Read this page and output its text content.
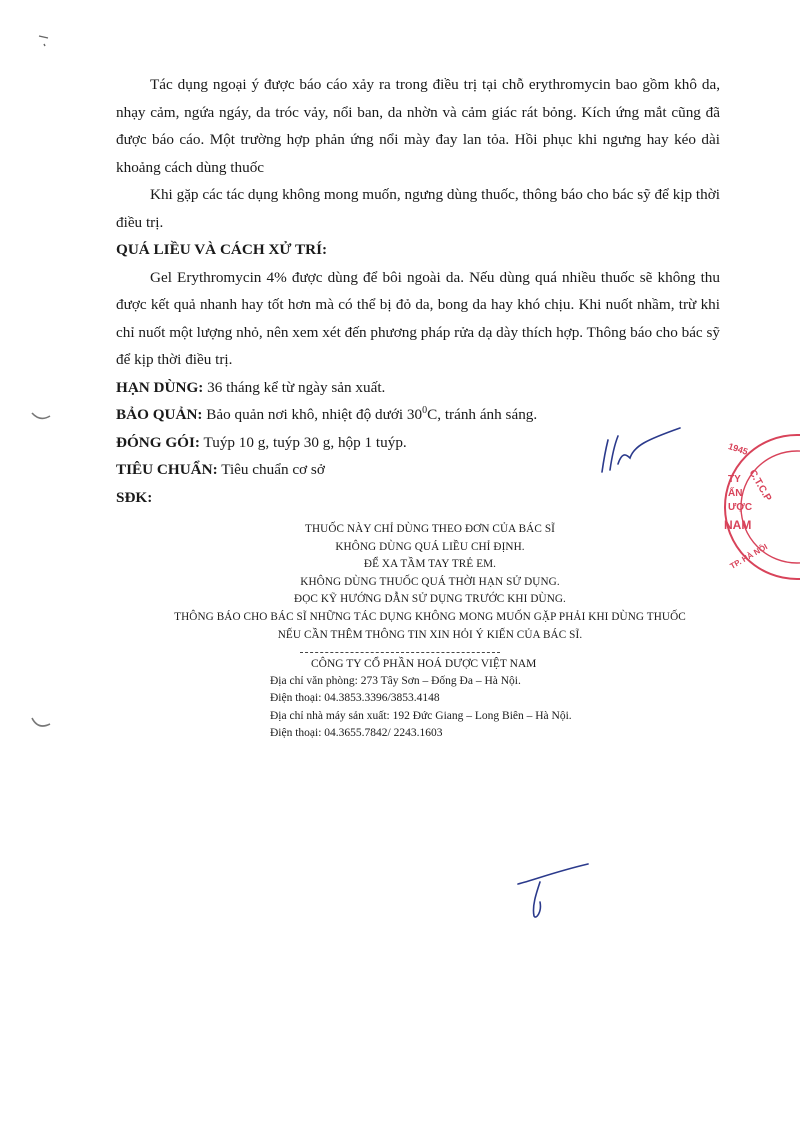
Tác dụng ngoại ý được báo cáo xảy ra trong điều trị tại chỗ erythromycin bao gồm khô da, nhạy cảm, ngứa ngáy, da tróc vảy, nổi ban, da nhờn và cảm giác rát bỏng. Kích ứng mắt cũng đã được báo cáo. Một trường hợp phản ứng nổi mày đay lan tỏa. Hồi phục khi ngưng hay kéo dài khoảng cách dùng thuốc

Khi gặp các tác dụng không mong muốn, ngưng dùng thuốc, thông báo cho bác sỹ để kịp thời điều trị.

QUÁ LIỀU VÀ CÁCH XỬ TRÍ:

Gel Erythromycin 4% được dùng để bôi ngoài da. Nếu dùng quá nhiều thuốc sẽ không thu được kết quả nhanh hay tốt hơn mà có thể bị đỏ da, bong da hay khó chịu. Khi nuốt nhầm, trừ khi chỉ nuốt một lượng nhỏ, nên xem xét đến phương pháp rửa dạ dày thích hợp. Thông báo cho bác sỹ để kịp thời điều trị.

HẠN DÙNG: 36 tháng kể từ ngày sản xuất.

BẢO QUẢN: Bảo quản nơi khô, nhiệt độ dưới $30^0C$, tránh ánh sáng.

ĐÓNG GÓI: Tuýp 10 g, tuýp 30 g, hộp 1 tuýp.

TIÊU CHUẨN: Tiêu chuẩn cơ sở

SĐK:

1945
C.T.C.P
TY
ẤN
ƯỢC
NAM
TP. HÀ NỘI
THUỐC NÀY CHỈ DÙNG THEO ĐƠN CỦA BÁC SĨ
KHÔNG DÙNG QUÁ LIỀU CHỈ ĐỊNH.
ĐỂ XA TẦM TAY TRẺ EM.
KHÔNG DÙNG THUỐC QUÁ THỜI HẠN SỬ DỤNG.
ĐỌC KỸ HƯỚNG DẪN SỬ DỤNG TRƯỚC KHI DÙNG.
THÔNG BÁO CHO BÁC SĨ NHỮNG TÁC DỤNG KHÔNG MONG MUỐN GẶP PHẢI KHI DÙNG THUỐC
NẾU CẦN THÊM THÔNG TIN XIN HỎI Ý KIẾN CỦA BÁC SĨ.
CÔNG TY CỔ PHẦN HOÁ DƯỢC VIỆT NAM
Địa chỉ văn phòng: 273 Tây Sơn – Đống Đa – Hà Nội.
Điện thoại: 04.3853.3396/3853.4148
Địa chỉ nhà máy sản xuất: 192 Đức Giang – Long Biên – Hà Nội.
Điện thoại: 04.3655.7842/ 2243.1603
